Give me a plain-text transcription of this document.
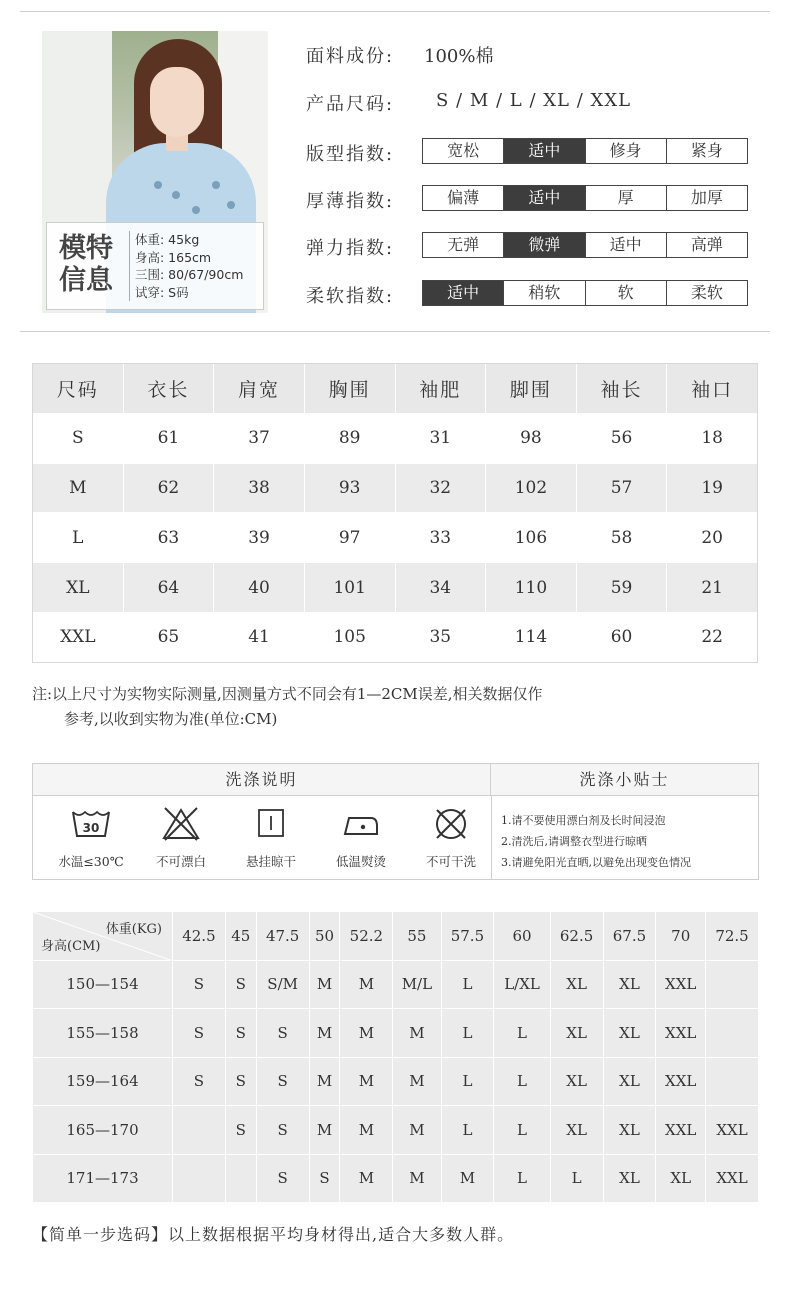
模特信息
体重: 45kg
身高: 165cm
三围: 80/67/90cm
试穿: S码
面料成份: 100%棉
产品尺码: S / M / L / XL / XXL
版型指数:	宽松	适中	修身	紧身
厚薄指数:	偏薄	适中	厚	加厚
弹力指数:	无弹	微弹	适中	高弹
柔软指数:	适中	稍软	软	柔软
尺码	衣长	肩宽	胸围	袖肥	脚围	袖长	袖口
S	61	37	89	31	98	56	18
M	62	38	93	32	102	57	19
L	63	39	97	33	106	58	20
XL	64	40	101	34	110	59	21
XXL	65	41	105	35	114	60	22
注:以上尺寸为实物实际测量,因测量方式不同会有1—2CM误差,相关数据仅作
参考,以收到实物为准(单位:CM)
洗涤说明	洗涤小贴士
30
水温≤30℃	不可漂白	悬挂晾干	低温熨烫	不可干洗
1.请不要使用漂白剂及长时间浸泡
2.清洗后,请调整衣型进行晾晒
3.请避免阳光直晒,以避免出现变色情况
体重(KG)
身高(CM)	42.5	45	47.5	50	52.2	55	57.5	60	62.5	67.5	70	72.5
150—154	S	S	S/M	M	M	M/L	L	L/XL	XL	XL	XXL	
155—158	S	S	S	M	M	M	L	L	XL	XL	XXL	
159—164	S	S	S	M	M	M	L	L	XL	XL	XXL	
165—170		S	S	M	M	M	L	L	XL	XL	XXL	XXL
171—173			S	S	M	M	M	L	L	XL	XL	XXL
【简单一步选码】以上数据根据平均身材得出,适合大多数人群。
